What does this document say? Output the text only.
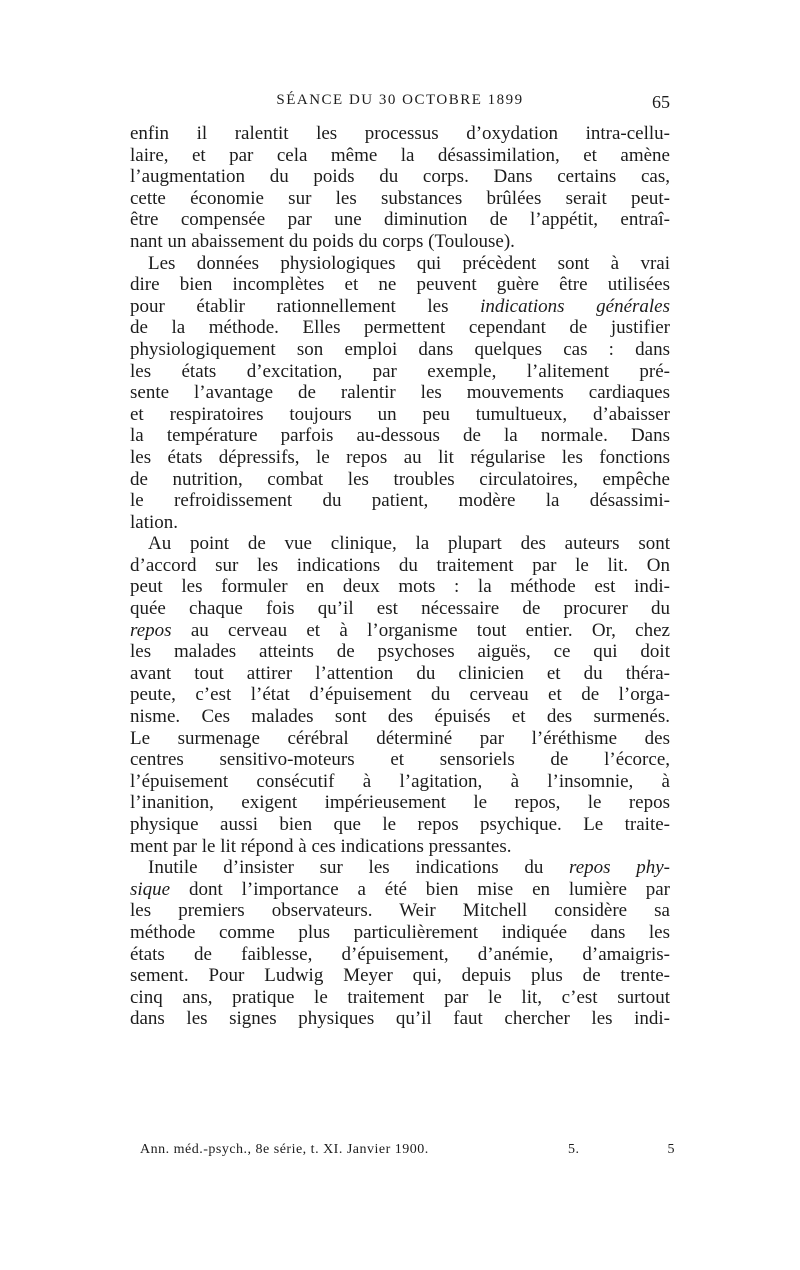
SÉANCE DU 30 OCTOBRE 1899	65
enfin il ralentit les processus d’oxydation intra-cellu-
laire, et par cela même la désassimilation, et amène
l’augmentation du poids du corps. Dans certains cas,
cette économie sur les substances brûlées serait peut-
être compensée par une diminution de l’appétit, entraî-
nant un abaissement du poids du corps (Toulouse).
Les données physiologiques qui précèdent sont à vrai
dire bien incomplètes et ne peuvent guère être utilisées
pour établir rationnellement les indications générales
de la méthode. Elles permettent cependant de justifier
physiologiquement son emploi dans quelques cas : dans
les états d’excitation, par exemple, l’alitement pré-
sente l’avantage de ralentir les mouvements cardiaques
et respiratoires toujours un peu tumultueux, d’abaisser
la température parfois au-dessous de la normale. Dans
les états dépressifs, le repos au lit régularise les fonctions
de nutrition, combat les troubles circulatoires, empêche
le refroidissement du patient, modère la désassimi-
lation.
Au point de vue clinique, la plupart des auteurs sont
d’accord sur les indications du traitement par le lit. On
peut les formuler en deux mots : la méthode est indi-
quée chaque fois qu’il est nécessaire de procurer du
repos au cerveau et à l’organisme tout entier. Or, chez
les malades atteints de psychoses aiguës, ce qui doit
avant tout attirer l’attention du clinicien et du théra-
peute, c’est l’état d’épuisement du cerveau et de l’orga-
nisme. Ces malades sont des épuisés et des surmenés.
Le surmenage cérébral déterminé par l’éréthisme des
centres sensitivo-moteurs et sensoriels de l’écorce,
l’épuisement consécutif à l’agitation, à l’insomnie, à
l’inanition, exigent impérieusement le repos, le repos
physique aussi bien que le repos psychique. Le traite-
ment par le lit répond à ces indications pressantes.
Inutile d’insister sur les indications du repos phy-
sique dont l’importance a été bien mise en lumière par
les premiers observateurs. Weir Mitchell considère sa
méthode comme plus particulièrement indiquée dans les
états de faiblesse, d’épuisement, d’anémie, d’amaigris-
sement. Pour Ludwig Meyer qui, depuis plus de trente-
cinq ans, pratique le traitement par le lit, c’est surtout
dans les signes physiques qu’il faut chercher les indi-
Ann. méd.-psych., 8e série, t. XI. Janvier 1900.	5.	5
